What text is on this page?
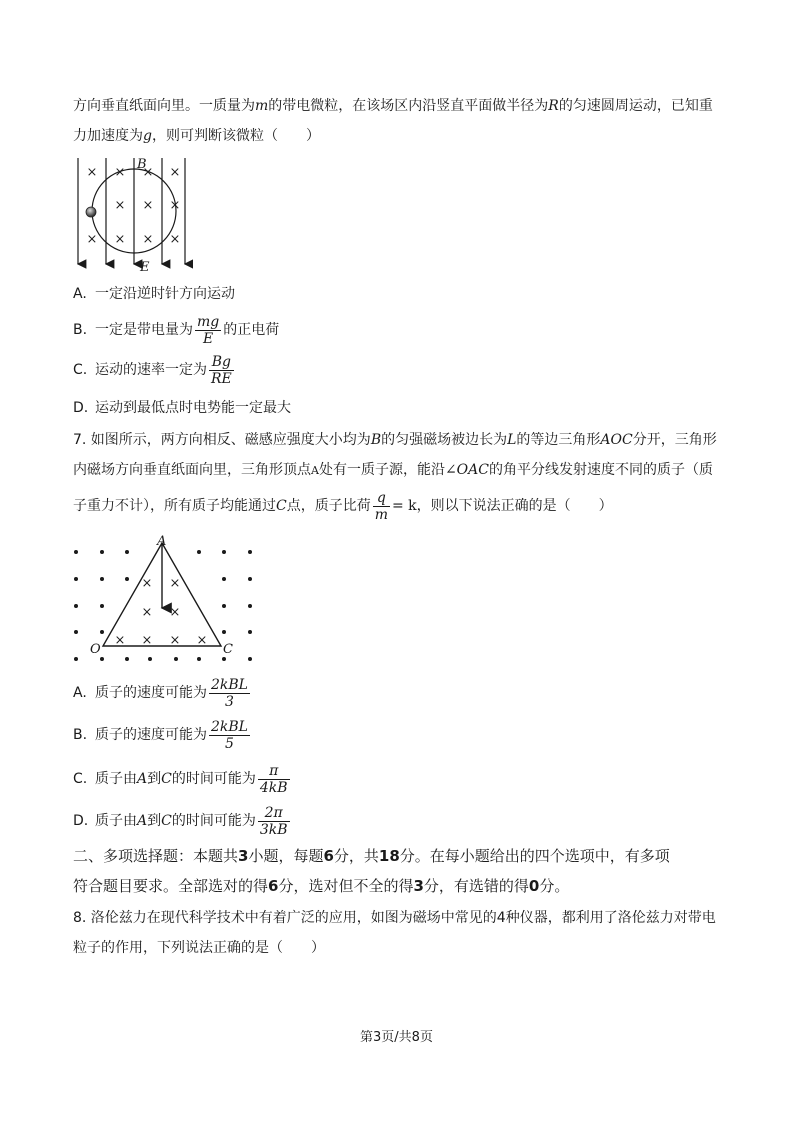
方向垂直纸面向里。一质量为m的带电微粒，在该场区内沿竖直平面做半径为R的匀速圆周运动，已知重
力加速度为g，则可判断该微粒（　　）
× × × ×
× × ×
× × × ×
B
E
A. 一定沿逆时针方向运动
B. 一定是带电量为 $\frac{mg}{E}$ 的正电荷
C. 运动的速率一定为 $\frac{Bg}{RE}$
D. 运动到最低点时电势能一定最大
7. 如图所示，两方向相反、磁感应强度大小均为B的匀强磁场被边长为L的等边三角形AOC分开，三角形
内磁场方向垂直纸面向里，三角形顶点A处有一质子源，能沿∠OAC的角平分线发射速度不同的质子（质
子重力不计），所有质子均能通过C点，质子比荷 $\frac{q}{m} = k$，则以下说法正确的是（　　）
× ×
× ×
× × × ×
A
O	C
A. 质子的速度可能为 $\frac{\text{2kBL}}{3}$
B. 质子的速度可能为 $\frac{\text{2kBL}}{5}$
C. 质子由A到C的时间可能为 $\frac{\pi}{4kB}$
D. 质子由A到C的时间可能为 $\frac{2\pi}{3kB}$
二、多项选择题：本题共3小题，每题6分，共18分。在每小题给出的四个选项中，有多项
符合题目要求。全部选对的得6分，选对但不全的得3分，有选错的得0分。
8. 洛伦兹力在现代科学技术中有着广泛的应用，如图为磁场中常见的4种仪器，都利用了洛伦兹力对带电
粒子的作用，下列说法正确的是（　　）
第3页/共8页
